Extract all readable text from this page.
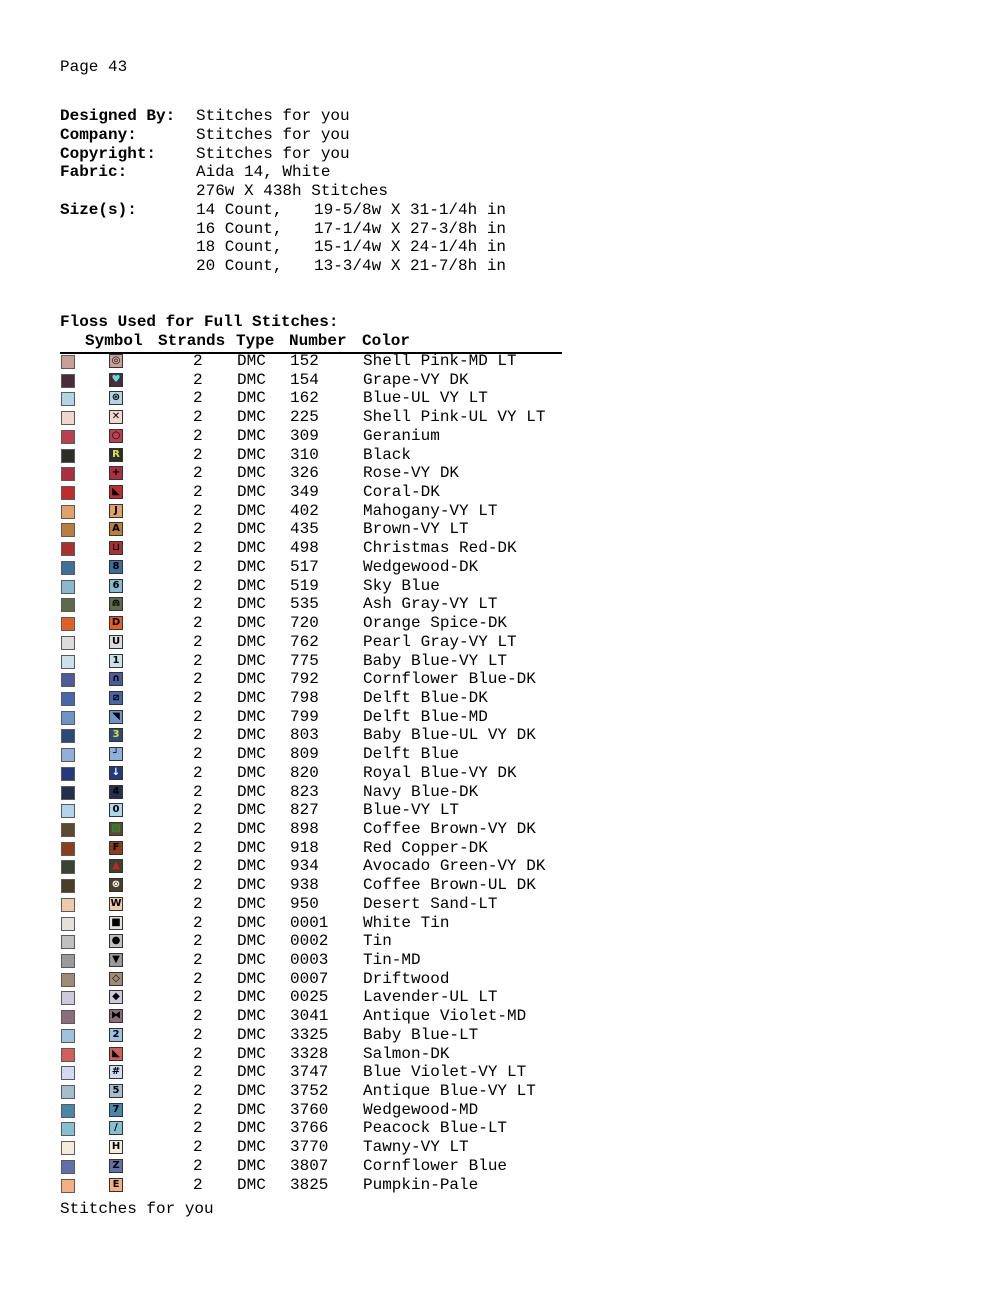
Page 43
Designed By:	Stitches for you
Company:	Stitches for you
Copyright:	Stitches for you
Fabric:	Aida 14, White
276w X 438h Stitches
Size(s):	14 Count,	19-5/8w X 31-1/4h in
16 Count,	17-1/4w X 27-3/8h in
18 Count,	15-1/4w X 24-1/4h in
20 Count,	13-3/4w X 21-7/8h in
Floss Used for Full Stitches:
Symbol Strands Type Number Color
◎	2 DMC 152	Shell Pink-MD LT
♥	2 DMC 154	Grape-VY DK
⊛	2 DMC 162	Blue-UL VY LT
✕	2 DMC 225	Shell Pink-UL VY LT
○	2 DMC 309	Geranium
R	2 DMC 310	Black
+	2 DMC 326	Rose-VY DK
◣	2 DMC 349	Coral-DK
J	2 DMC 402	Mahogany-VY LT
A	2 DMC 435	Brown-VY LT
⊔	2 DMC 498	Christmas Red-DK
8	2 DMC 517	Wedgewood-DK
6	2 DMC 519	Sky Blue
⋒	2 DMC 535	Ash Gray-VY LT
D	2 DMC 720	Orange Spice-DK
U	2 DMC 762	Pearl Gray-VY LT
1	2 DMC 775	Baby Blue-VY LT
∩	2 DMC 792	Cornflower Blue-DK
⧄	2 DMC 798	Delft Blue-DK
◥	2 DMC 799	Delft Blue-MD
3	2 DMC 803	Baby Blue-UL VY DK
┘	2 DMC 809	Delft Blue
↓	2 DMC 820	Royal Blue-VY DK
4	2 DMC 823	Navy Blue-DK
0	2 DMC 827	Blue-VY LT
▧	2 DMC 898	Coffee Brown-VY DK
F	2 DMC 918	Red Copper-DK
▲	2 DMC 934	Avocado Green-VY DK
⊗	2 DMC 938	Coffee Brown-UL DK
W	2 DMC 950	Desert Sand-LT
■	2 DMC 0001 White Tin
●	2 DMC 0002 Tin
▼	2 DMC 0003 Tin-MD
◇	2 DMC 0007 Driftwood
◆	2 DMC 0025 Lavender-UL LT
⧓	2 DMC 3041 Antique Violet-MD
2	2 DMC 3325 Baby Blue-LT
◣	2 DMC 3328 Salmon-DK
#	2 DMC 3747 Blue Violet-VY LT
5	2 DMC 3752 Antique Blue-VY LT
7	2 DMC 3760 Wedgewood-MD
/	2 DMC 3766 Peacock Blue-LT
H	2 DMC 3770 Tawny-VY LT
Z	2 DMC 3807 Cornflower Blue
E	2 DMC 3825 Pumpkin-Pale
Stitches for you
